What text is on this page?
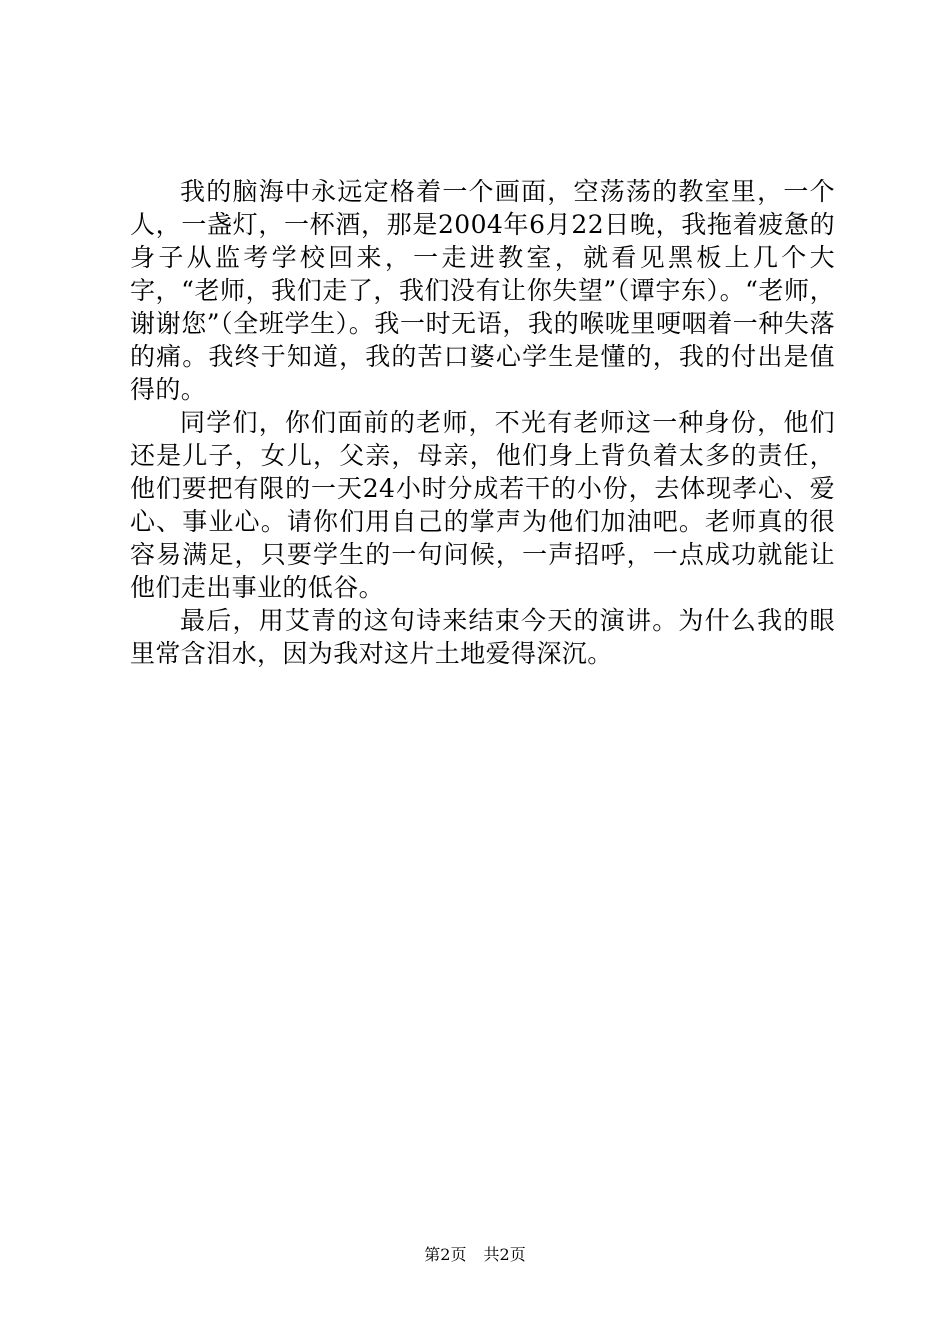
我的脑海中永远定格着一个画面，空荡荡的教室里，一个人，一盏灯，一杯酒，那是2004年6月22日晚，我拖着疲惫的身子从监考学校回来，一走进教室，就看见黑板上几个大字，“老师，我们走了，我们没有让你失望”（谭宇东）。“老师，谢谢您”（全班学生）。我一时无语，我的喉咙里哽咽着一种失落的痛。我终于知道，我的苦口婆心学生是懂的，我的付出是值得的。

同学们，你们面前的老师，不光有老师这一种身份，他们还是儿子，女儿，父亲，母亲，他们身上背负着太多的责任，他们要把有限的一天24小时分成若干的小份，去体现孝心、爱心、事业心。请你们用自己的掌声为他们加油吧。老师真的很容易满足，只要学生的一句问候，一声招呼，一点成功就能让他们走出事业的低谷。

最后，用艾青的这句诗来结束今天的演讲。为什么我的眼里常含泪水，因为我对这片土地爱得深沉。

第2页 共2页
